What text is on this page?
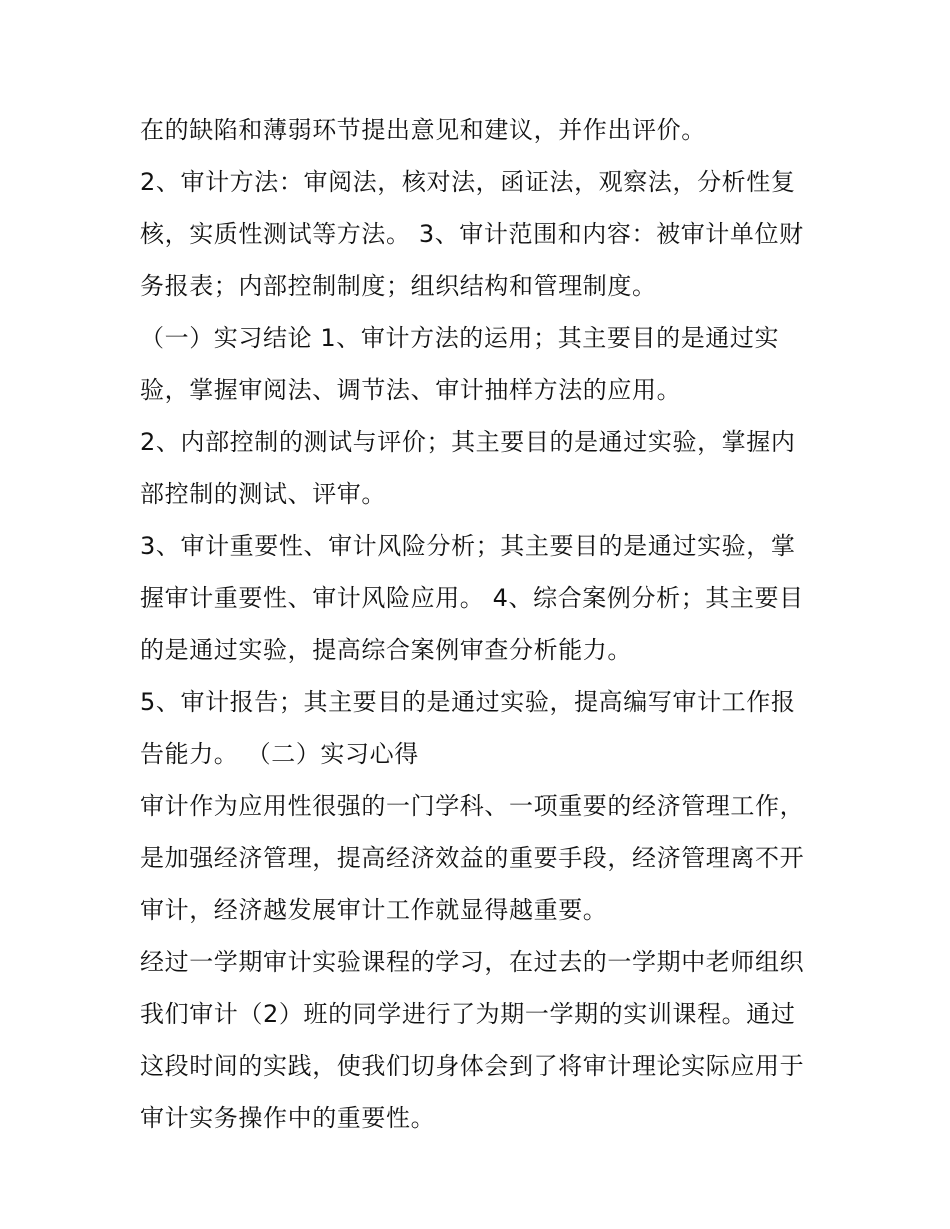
在的缺陷和薄弱环节提出意见和建议，并作出评价。
2、审计方法：审阅法，核对法，函证法，观察法，分析性复
核，实质性测试等方法。 3、审计范围和内容：被审计单位财
务报表；内部控制制度；组织结构和管理制度。
（一）实习结论 1、审计方法的运用；其主要目的是通过实
验，掌握审阅法、调节法、审计抽样方法的应用。
2、内部控制的测试与评价；其主要目的是通过实验，掌握内
部控制的测试、评审。
3、审计重要性、审计风险分析；其主要目的是通过实验，掌
握审计重要性、审计风险应用。 4、综合案例分析；其主要目
的是通过实验，提高综合案例审查分析能力。
5、审计报告；其主要目的是通过实验，提高编写审计工作报
告能力。 （二）实习心得
审计作为应用性很强的一门学科、一项重要的经济管理工作，
是加强经济管理，提高经济效益的重要手段，经济管理离不开
审计，经济越发展审计工作就显得越重要。
经过一学期审计实验课程的学习，在过去的一学期中老师组织
我们审计（2）班的同学进行了为期一学期的实训课程。通过
这段时间的实践，使我们切身体会到了将审计理论实际应用于
审计实务操作中的重要性。
